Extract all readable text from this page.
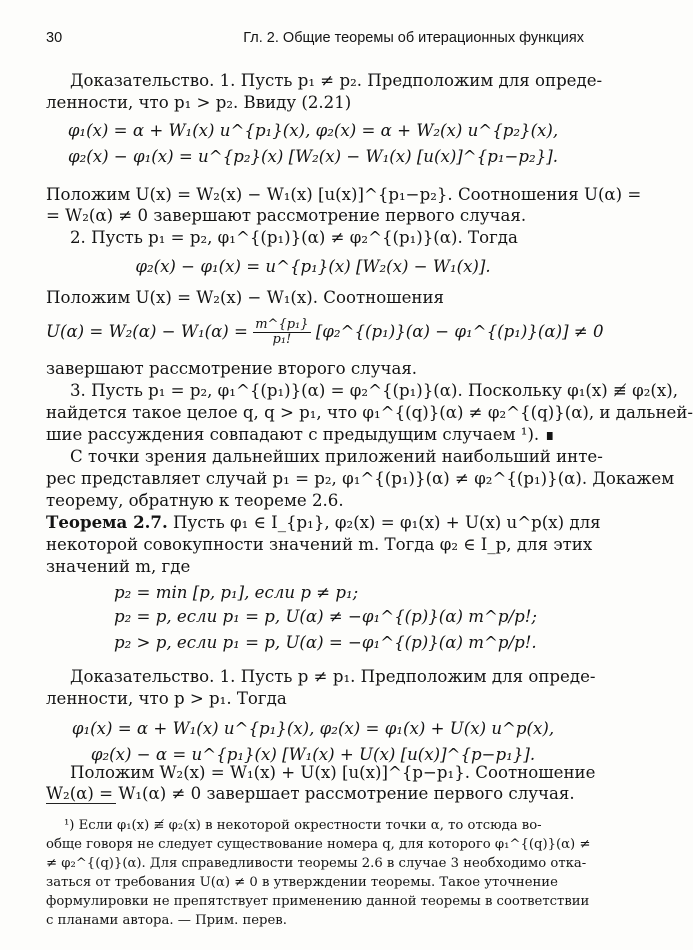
30	Гл. 2. Общие теоремы об итерационных функциях
Доказательство. 1. Пусть p₁ ≠ p₂. Предположим для опреде-
ленности, что p₁ > p₂. Ввиду (2.21)
φ₁(x) = α + W₁(x) u^{p₁}(x), φ₂(x) = α + W₂(x) u^{p₂}(x),
φ₂(x) − φ₁(x) = u^{p₂}(x) [W₂(x) − W₁(x) [u(x)]^{p₁−p₂}].
Положим U(x) = W₂(x) − W₁(x) [u(x)]^{p₁−p₂}. Соотношения U(α) =
= W₂(α) ≠ 0 завершают рассмотрение первого случая.
2. Пусть p₁ = p₂, φ₁^{(p₁)}(α) ≠ φ₂^{(p₁)}(α). Тогда
φ₂(x) − φ₁(x) = u^{p₁}(x) [W₂(x) − W₁(x)].
Положим U(x) = W₂(x) − W₁(x). Соотношения
$U(\alpha) = W_2(\alpha) - W_1(\alpha) = \frac{\text{m\textasciicircum{}\{p₁\}}}{\text{p₁!}}$ [φ₂^{(p₁)}(α) − φ₁^{(p₁)}(α)] ≠ 0
завершают рассмотрение второго случая.
3. Пусть p₁ = p₂, φ₁^{(p₁)}(α) = φ₂^{(p₁)}(α). Поскольку φ₁(x) ≢ φ₂(x),
найдется такое целое q, q > p₁, что φ₁^{(q)}(α) ≠ φ₂^{(q)}(α), и дальней-
шие рассуждения совпадают с предыдущим случаем ¹). ∎
С точки зрения дальнейших приложений наибольший инте-
рес представляет случай p₁ = p₂, φ₁^{(p₁)}(α) ≠ φ₂^{(p₁)}(α). Докажем
теорему, обратную к теореме 2.6.
Теорема 2.7. Пусть φ₁ ∈ I_{p₁}, φ₂(x) = φ₁(x) + U(x) u^p(x) для
некоторой совокупности значений m. Тогда φ₂ ∈ I_p, для этих
значений m, где
p₂ = min [p, p₁], если p ≠ p₁;
p₂ = p, если p₁ = p, U(α) ≠ −φ₁^{(p)}(α) m^p/p!;
p₂ > p, если p₁ = p, U(α) = −φ₁^{(p)}(α) m^p/p!.
Доказательство. 1. Пусть p ≠ p₁. Предположим для опреде-
ленности, что p > p₁. Тогда
φ₁(x) = α + W₁(x) u^{p₁}(x), φ₂(x) = φ₁(x) + U(x) u^p(x),
φ₂(x) − α = u^{p₁}(x) [W₁(x) + U(x) [u(x)]^{p−p₁}].
Положим W₂(x) = W₁(x) + U(x) [u(x)]^{p−p₁}. Соотношение
W₂(α) = W₁(α) ≠ 0 завершает рассмотрение первого случая.
¹) Если φ₁(x) ≢ φ₂(x) в некоторой окрестности точки α, то отсюда во-
обще говоря не следует существование номера q, для которого φ₁^{(q)}(α) ≠
≠ φ₂^{(q)}(α). Для справедливости теоремы 2.6 в случае 3 необходимо отка-
заться от требования U(α) ≠ 0 в утверждении теоремы. Такое уточнение
формулировки не препятствует применению данной теоремы в соответствии
с планами автора. — Прим. перев.
